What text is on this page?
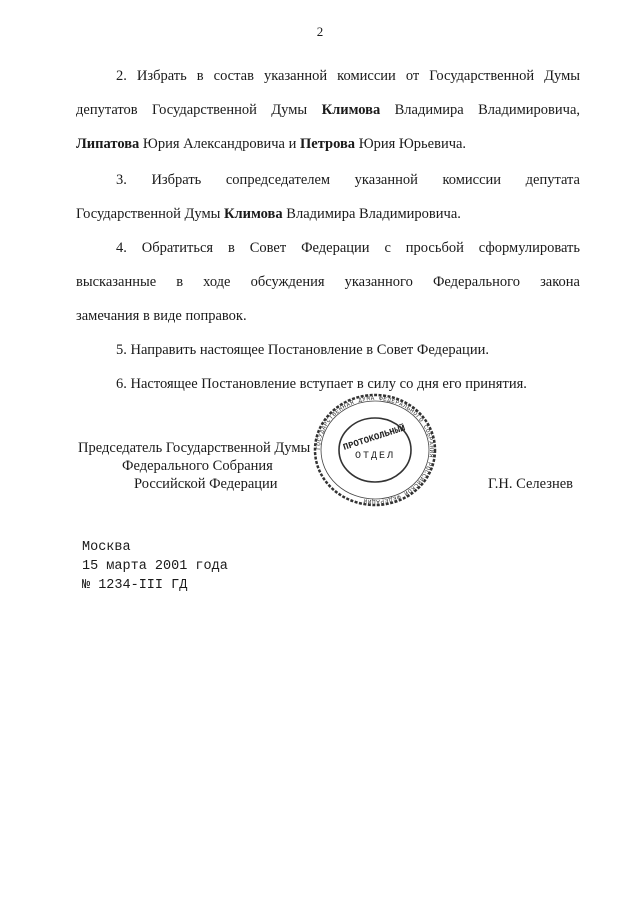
2

2. Избрать в состав указанной комиссии от Государственной Думы

депутатов Государственной Думы Климова Владимира Владимировича,

Липатова Юрия Александровича и Петрова Юрия Юрьевича.

3. Избрать сопредседателем указанной комиссии депутата

Государственной Думы Климова Владимира Владимировича.

4. Обратиться в Совет Федерации с просьбой сформулировать

высказанные в ходе обсуждения указанного Федерального закона

замечания в виде поправок.

5. Направить настоящее Постановление в Совет Федерации.

6. Настоящее Постановление вступает в силу со дня его принятия.

ГОСУДАРСТВЕННАЯ ДУМА ФЕДЕРАЛЬНОГО СОБРАНИЯ РОССИЙСКОЙ ФЕДЕРАЦИИ
ПРОТОКОЛЬНЫЙ
ОТДЕЛ
Председатель Государственной Думы
Федерального Собрания
Российской Федерации	Г.Н. Селезнев
Москва
15 марта 2001 года
№ 1234-III ГД
